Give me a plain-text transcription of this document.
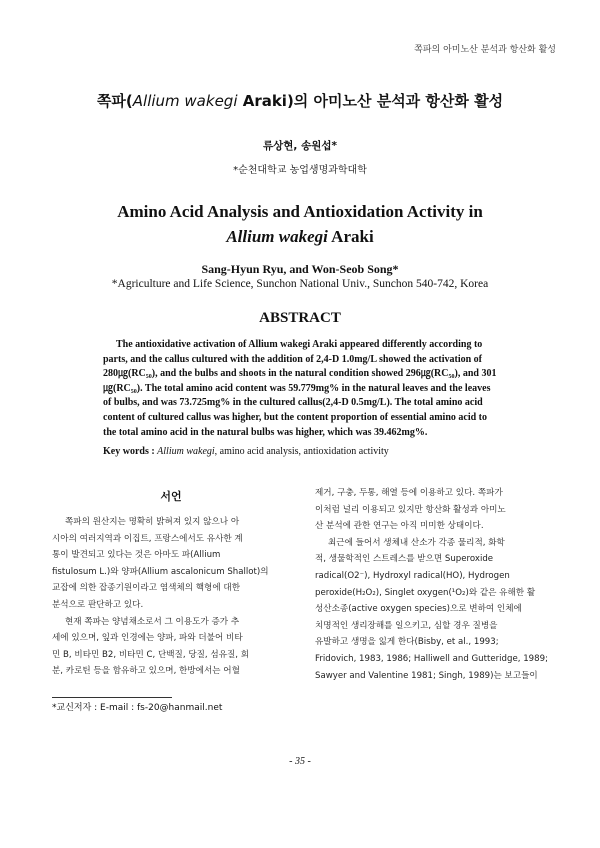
쪽파의 아미노산 분석과 항산화 활성
쪽파(Allium wakegi Araki)의 아미노산 분석과 항산화 활성
류상현, 송원섭*
*순천대학교 농업생명과학대학
Amino Acid Analysis and Antioxidation Activity in
Allium wakegi Araki
Sang-Hyun Ryu, and Won-Seob Song*
*Agriculture and Life Science, Sunchon National Univ., Sunchon 540-742, Korea
ABSTRACT
The antioxidative activation of Allium wakegi Araki appeared differently according to
parts, and the callus cultured with the addition of 2,4-D 1.0mg/L showed the activation of
280㎍(RC₅₀), and the bulbs and shoots in the natural condition showed 296㎍(RC₅₀), and 301
㎍(RC₅₀). The total amino acid content was 59.779mg% in the natural leaves and the leaves
of bulbs, and was 73.725mg% in the cultured callus(2,4-D 0.5mg/L). The total amino acid
content of cultured callus was higher, but the content proportion of essential amino acid to
the total amino acid in the natural bulbs was higher, which was 39.462mg%.
Key words : Allium wakegi, amino acid analysis, antioxidation activity
서언
쪽파의 원산지는 명확히 밝혀져 있지 않으나 아
시아의 여러지역과 이집트, 프랑스에서도 유사한 계
통이 발견되고 있다는 것은 아마도 파(Allium
fistulosum L.)와 양파(Allium ascalonicum Shallot)의
교잡에 의한 잡종기원이라고 염색체의 핵형에 대한
분석으로 판단하고 있다.
현재 쪽파는 양념채소로서 그 이용도가 증가 추
세에 있으며, 잎과 인경에는 양파, 파와 더불어 비타
민 B, 비타민 B2, 비타민 C, 단백질, 당질, 섬유질, 회
분, 카로틴 등을 함유하고 있으며, 한방에서는 어혈
제거, 구충, 두통, 해열 등에 이용하고 있다. 쪽파가
이처럼 널리 이용되고 있지만 항산화 활성과 아미노
산 분석에 관한 연구는 아직 미미한 상태이다.
최근에 들어서 생체내 산소가 각종 물리적, 화학
적, 생물학적인 스트레스를 받으면 Superoxide
radical(O2⁻), Hydroxyl radical(HO), Hydrogen
peroxide(H₂O₂), Singlet oxygen(¹O₂)와 같은 유해한 활
성산소종(active oxygen species)으로 변하여 인체에
치명적인 생리장해를 일으키고, 심할 경우 질병을
유발하고 생명을 잃게 한다(Bisby, et al., 1993;
Fridovich, 1983, 1986; Halliwell and Gutteridge, 1989;
Sawyer and Valentine 1981; Singh, 1989)는 보고들이
*교신저자 : E-mail : fs-20@hanmail.net
- 35 -
